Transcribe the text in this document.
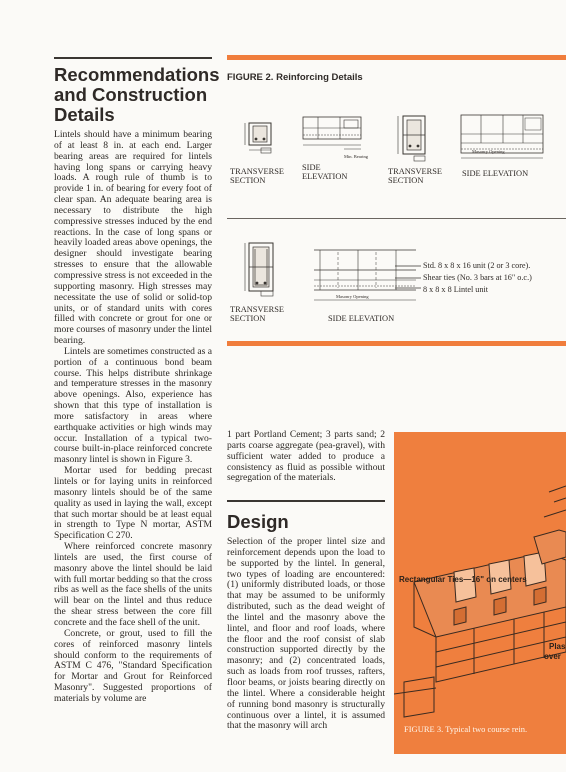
Recommendations and Construction Details

Lintels should have a minimum bearing of at least 8 in. at each end. Larger bearing areas are required for lintels having long spans or carrying heavy loads. A rough rule of thumb is to provide 1 in. of bearing for every foot of clear span. An adequate bearing area is necessary to distribute the high compressive stresses induced by the end reactions. In the case of long spans or heavily loaded areas above openings, the designer should investigate bearing stresses to ensure that the allowable compressive stress is not exceeded in the supporting masonry. High stresses may necessitate the use of solid or solid-top units, or of standard units with cores filled with concrete or grout for one or more courses of masonry under the lintel bearing.

Lintels are sometimes constructed as a portion of a continuous bond beam course. This helps distribute shrinkage and temperature stresses in the masonry above openings. Also, experience has shown that this type of installation is more satisfactory in areas where earthquake activities or high winds may occur. Installation of a typical two-course built-in-place reinforced concrete masonry lintel is shown in Figure 3.

Mortar used for bedding precast lintels or for laying units in reinforced masonry lintels should be of the same quality as used in laying the wall, except that such mortar should be at least equal in strength to Type N mortar, ASTM Specification C 270.

Where reinforced concrete masonry lintels are used, the first course of masonry above the lintel should be laid with full mortar bedding so that the cross ribs as well as the face shells of the units will bear on the lintel and thus reduce the shear stress between the core fill concrete and the face shell of the unit.

Concrete, or grout, used to fill the cores of reinforced masonry lintels should conform to the requirements of ASTM C 476, "Standard Specification for Mortar and Grout for Reinforced Masonry". Suggested proportions of materials by volume are

FIGURE 2. Reinforcing Details
TRANSVERSE SECTION
Min. Bearing
SIDE ELEVATION
TRANSVERSE SECTION
Masonry Opening
SIDE ELEVATION
TRANSVERSE SECTION
Masonry Opening
SIDE ELEVATION
Std. 8 x 8 x 16 unit (2 or 3 core).
Shear ties (No. 3 bars at 16" o.c.)
8 x 8 x 8 Lintel unit

1 part Portland Cement; 3 parts sand; 2 parts coarse aggregate (pea-gravel), with sufficient water added to produce a consistency as fluid as possible without segregation of the materials.

Design

Selection of the proper lintel size and reinforcement depends upon the load to be supported by the lintel. In general, two types of loading are encountered: (1) uniformly distributed loads, or those that may be assumed to be uniformly distributed, such as the dead weight of the lintel and the masonry above the lintel, and floor and roof loads, where the floor and the roof consist of slab construction supported directly by the masonry; and (2) concentrated loads, such as loads from roof trusses, rafters, floor beams, or joists bearing directly on the lintel. Where a considerable height of running bond masonry is structurally continuous over a lintel, it is assumed that the masonry will arch

Rectangular Ties—16" on centers
Plas
over
FIGURE 3. Typical two course rein.
